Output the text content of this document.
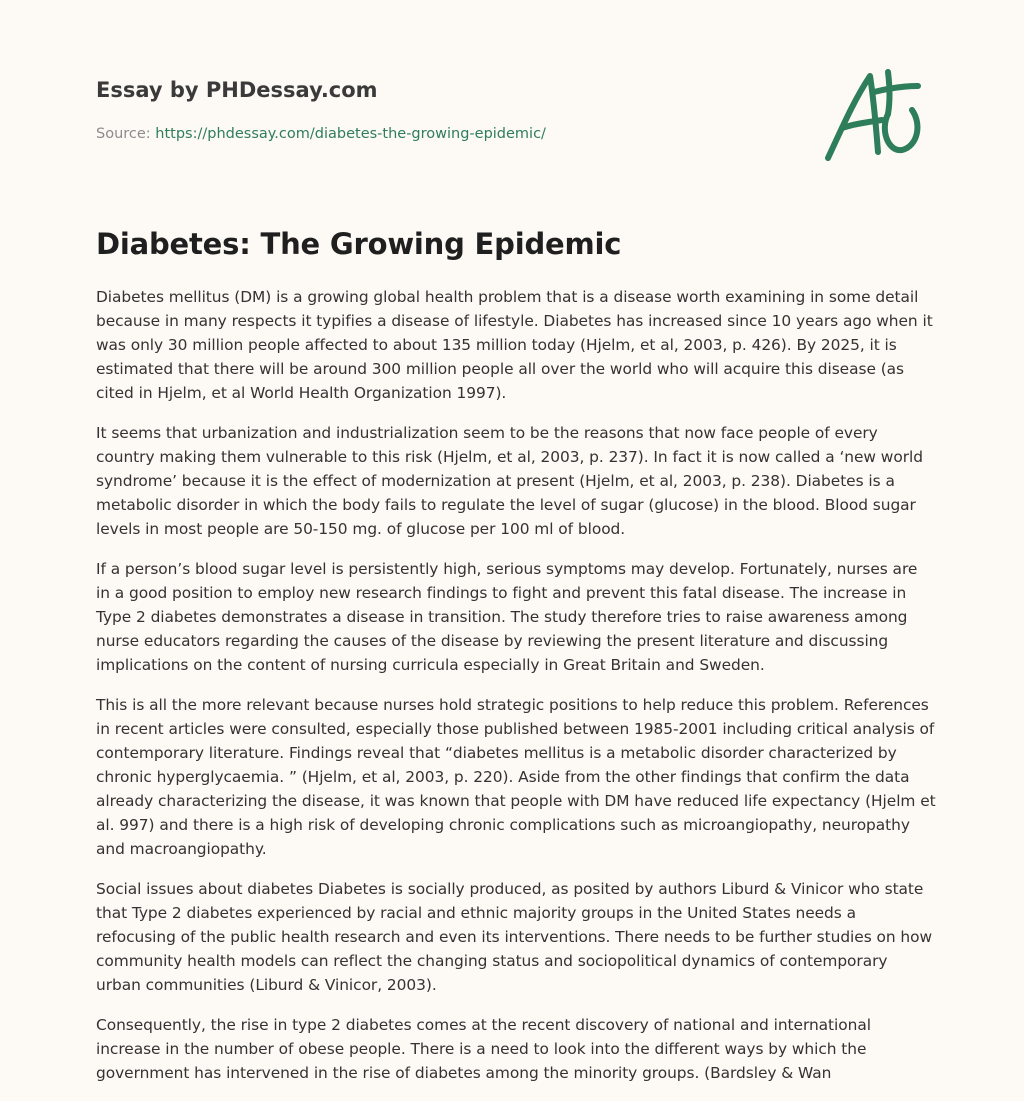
Essay by PHDessay.com
Source: https://phdessay.com/diabetes-the-growing-epidemic/
Diabetes: The Growing Epidemic

Diabetes mellitus (DM) is a growing global health problem that is a disease worth examining in some detail because in many respects it typifies a disease of lifestyle. Diabetes has increased since 10 years ago when it was only 30 million people affected to about 135 million today (Hjelm, et al, 2003, p. 426). By 2025, it is estimated that there will be around 300 million people all over the world who will acquire this disease (as cited in Hjelm, et al World Health Organization 1997).

It seems that urbanization and industrialization seem to be the reasons that now face people of every country making them vulnerable to this risk (Hjelm, et al, 2003, p. 237). In fact it is now called a ‘new world syndrome’ because it is the effect of modernization at present (Hjelm, et al, 2003, p. 238). Diabetes is a metabolic disorder in which the body fails to regulate the level of sugar (glucose) in the blood. Blood sugar levels in most people are 50-150 mg. of glucose per 100 ml of blood.

If a person’s blood sugar level is persistently high, serious symptoms may develop. Fortunately, nurses are in a good position to employ new research findings to fight and prevent this fatal disease. The increase in Type 2 diabetes demonstrates a disease in transition. The study therefore tries to raise awareness among nurse educators regarding the causes of the disease by reviewing the present literature and discussing implications on the content of nursing curricula especially in Great Britain and Sweden.

This is all the more relevant because nurses hold strategic positions to help reduce this problem. References in recent articles were consulted, especially those published between 1985-2001 including critical analysis of contemporary literature. Findings reveal that “diabetes mellitus is a metabolic disorder characterized by chronic hyperglycaemia. ” (Hjelm, et al, 2003, p. 220). Aside from the other findings that confirm the data already characterizing the disease, it was known that people with DM have reduced life expectancy (Hjelm et al. 997) and there is a high risk of developing chronic complications such as microangiopathy, neuropathy and macroangiopathy.

Social issues about diabetes Diabetes is socially produced, as posited by authors Liburd & Vinicor who state that Type 2 diabetes experienced by racial and ethnic majority groups in the United States needs a refocusing of the public health research and even its interventions. There needs to be further studies on how community health models can reflect the changing status and sociopolitical dynamics of contemporary urban communities (Liburd & Vinicor, 2003).

Consequently, the rise in type 2 diabetes comes at the recent discovery of national and international increase in the number of obese people. There is a need to look into the different ways by which the government has intervened in the rise of diabetes among the minority groups. (Bardsley & Wan
